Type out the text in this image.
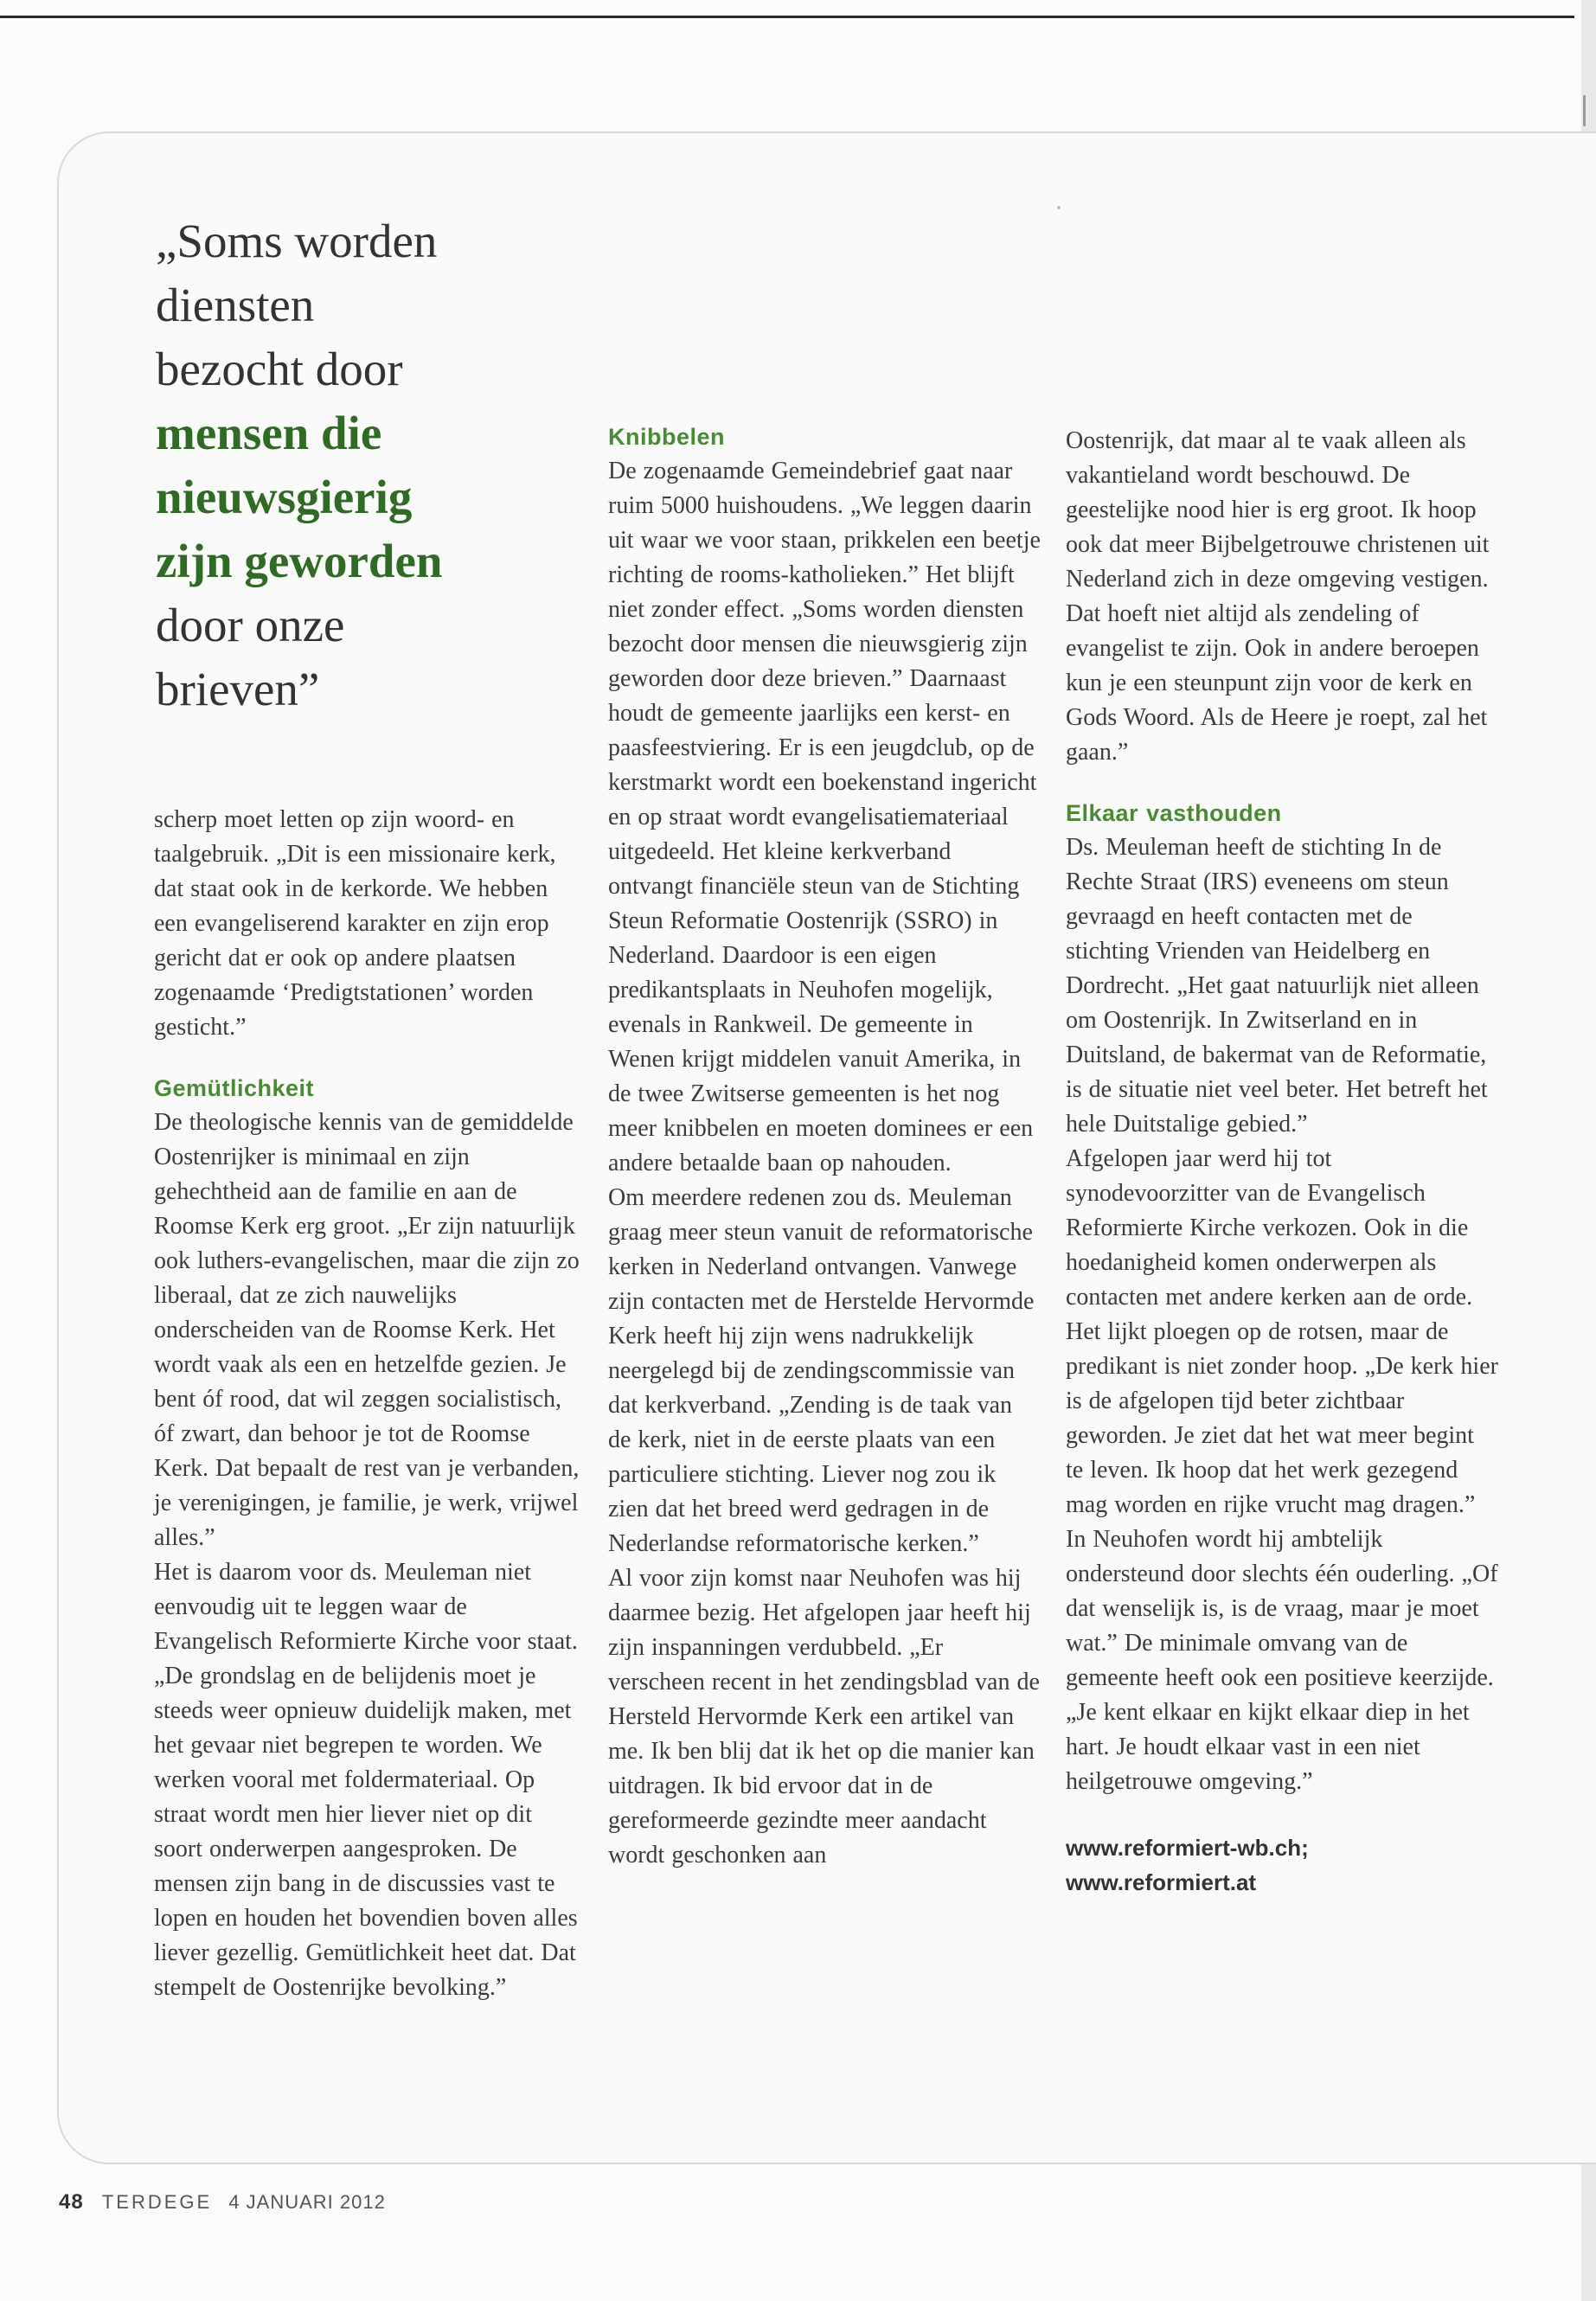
„Soms worden
diensten
bezocht door
mensen die
nieuwsgierig
zijn geworden
door onze
brieven”

scherp moet letten op zijn woord- en taalgebruik. „Dit is een missionaire kerk, dat staat ook in de kerkorde. We hebben een evangeliserend karakter en zijn erop gericht dat er ook op andere plaatsen zogenaamde ‘Predigtstationen’ worden gesticht.”

Gemütlichkeit

De theologische kennis van de gemiddelde Oostenrijker is minimaal en zijn gehechtheid aan de familie en aan de Roomse Kerk erg groot. „Er zijn natuurlijk ook luthers-evangelischen, maar die zijn zo liberaal, dat ze zich nauwelijks onderscheiden van de Roomse Kerk. Het wordt vaak als een en hetzelfde gezien. Je bent óf rood, dat wil zeggen socialistisch, óf zwart, dan behoor je tot de Roomse Kerk. Dat bepaalt de rest van je verbanden, je verenigingen, je familie, je werk, vrijwel alles.”

Het is daarom voor ds. Meuleman niet eenvoudig uit te leggen waar de Evangelisch Reformierte Kirche voor staat. „De grondslag en de belijdenis moet je steeds weer opnieuw duidelijk maken, met het gevaar niet begrepen te worden. We werken vooral met foldermateriaal. Op straat wordt men hier liever niet op dit soort onderwerpen aangesproken. De mensen zijn bang in de discussies vast te lopen en houden het bovendien boven alles liever gezellig. Gemütlichkeit heet dat. Dat stempelt de Oostenrijke bevolking.”

Knibbelen

De zogenaamde Gemeindebrief gaat naar ruim 5000 huishoudens. „We leggen daarin uit waar we voor staan, prikkelen een beetje richting de rooms-katholieken.” Het blijft niet zonder effect. „Soms worden diensten bezocht door mensen die nieuwsgierig zijn geworden door deze brieven.” Daarnaast houdt de gemeente jaarlijks een kerst- en paasfeestviering. Er is een jeugdclub, op de kerstmarkt wordt een boekenstand ingericht en op straat wordt evangelisatiemateriaal uitgedeeld. Het kleine kerkverband ontvangt financiële steun van de Stichting Steun Reformatie Oostenrijk (SSRO) in Nederland. Daardoor is een eigen predikantsplaats in Neuhofen mogelijk, evenals in Rankweil. De gemeente in Wenen krijgt middelen vanuit Amerika, in de twee Zwitserse gemeenten is het nog meer knibbelen en moeten dominees er een andere betaalde baan op nahouden.

Om meerdere redenen zou ds. Meuleman graag meer steun vanuit de reformatorische kerken in Nederland ontvangen. Vanwege zijn contacten met de Herstelde Hervormde Kerk heeft hij zijn wens nadrukkelijk neergelegd bij de zendingscommissie van dat kerkverband. „Zending is de taak van de kerk, niet in de eerste plaats van een particuliere stichting. Liever nog zou ik zien dat het breed werd gedragen in de Nederlandse reformatorische kerken.”

Al voor zijn komst naar Neuhofen was hij daarmee bezig. Het afgelopen jaar heeft hij zijn inspanningen verdubbeld. „Er verscheen recent in het zendingsblad van de Hersteld Hervormde Kerk een artikel van me. Ik ben blij dat ik het op die manier kan uitdragen. Ik bid ervoor dat in de gereformeerde gezindte meer aandacht wordt geschonken aan

Oostenrijk, dat maar al te vaak alleen als vakantieland wordt beschouwd. De geestelijke nood hier is erg groot. Ik hoop ook dat meer Bijbelgetrouwe christenen uit Nederland zich in deze omgeving vestigen. Dat hoeft niet altijd als zendeling of evangelist te zijn. Ook in andere beroepen kun je een steunpunt zijn voor de kerk en Gods Woord. Als de Heere je roept, zal het gaan.”

Elkaar vasthouden

Ds. Meuleman heeft de stichting In de Rechte Straat (IRS) eveneens om steun gevraagd en heeft contacten met de stichting Vrienden van Heidelberg en Dordrecht. „Het gaat natuurlijk niet alleen om Oostenrijk. In Zwitserland en in Duitsland, de bakermat van de Reformatie, is de situatie niet veel beter. Het betreft het hele Duitstalige gebied.”

Afgelopen jaar werd hij tot synodevoorzitter van de Evangelisch Reformierte Kirche verkozen. Ook in die hoedanigheid komen onderwerpen als contacten met andere kerken aan de orde.

Het lijkt ploegen op de rotsen, maar de predikant is niet zonder hoop. „De kerk hier is de afgelopen tijd beter zichtbaar geworden. Je ziet dat het wat meer begint te leven. Ik hoop dat het werk gezegend mag worden en rijke vrucht mag dragen.”

In Neuhofen wordt hij ambtelijk ondersteund door slechts één ouderling. „Of dat wenselijk is, is de vraag, maar je moet wat.” De minimale omvang van de gemeente heeft ook een positieve keerzijde. „Je kent elkaar en kijkt elkaar diep in het hart. Je houdt elkaar vast in een niet heilgetrouwe omgeving.”

www.reformiert-wb.ch;
www.reformiert.at
48 TERDEGE 4 JANUARI 2012
